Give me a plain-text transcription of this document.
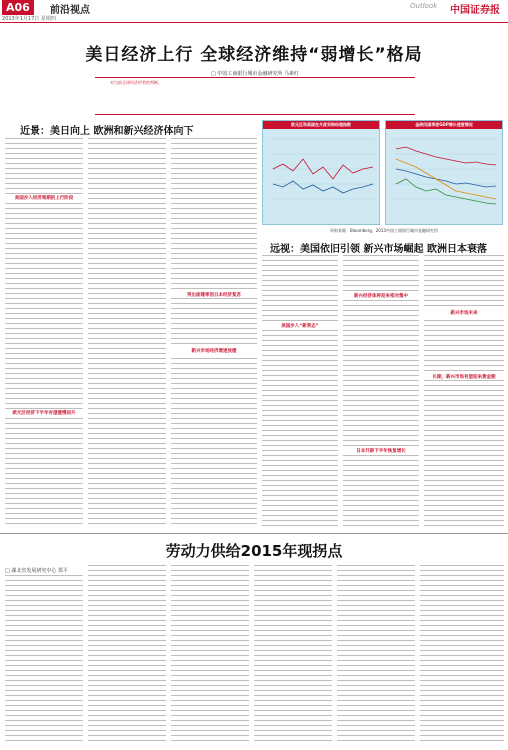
A06	前沿视点	Outlook 中国证券报
2013年1月17日 星期四
美日经济上行 全球经济维持“弱增长”格局
□ 中国工商银行城市金融研究所 马素红
对当前全球经济形势的判断。
近景：美日向上 欧洲和新兴经济体向下
欧元区和美国在月度采购经理指数	金砖四国季度GDP增长速度情况
资料来源：Bloomberg，2013中国工商银行城市金融研究所
远视：美国依旧引领 新兴市场崛起 欧洲日本衰落
美国步入经济周期的上行阶段
欧元区经济下半年有望缓慢回升
突出面建率创日本经济复苏
新兴市场经济增速放缓
美国步入“新常态”
新兴经济体将迎来相对集中
日本开辟下半年恢复增长
新兴市场未来
长期，新兴市场有望迎来黄金期
劳动力供给2015年现拐点
□ 湖北省发展研究中心 郑平
